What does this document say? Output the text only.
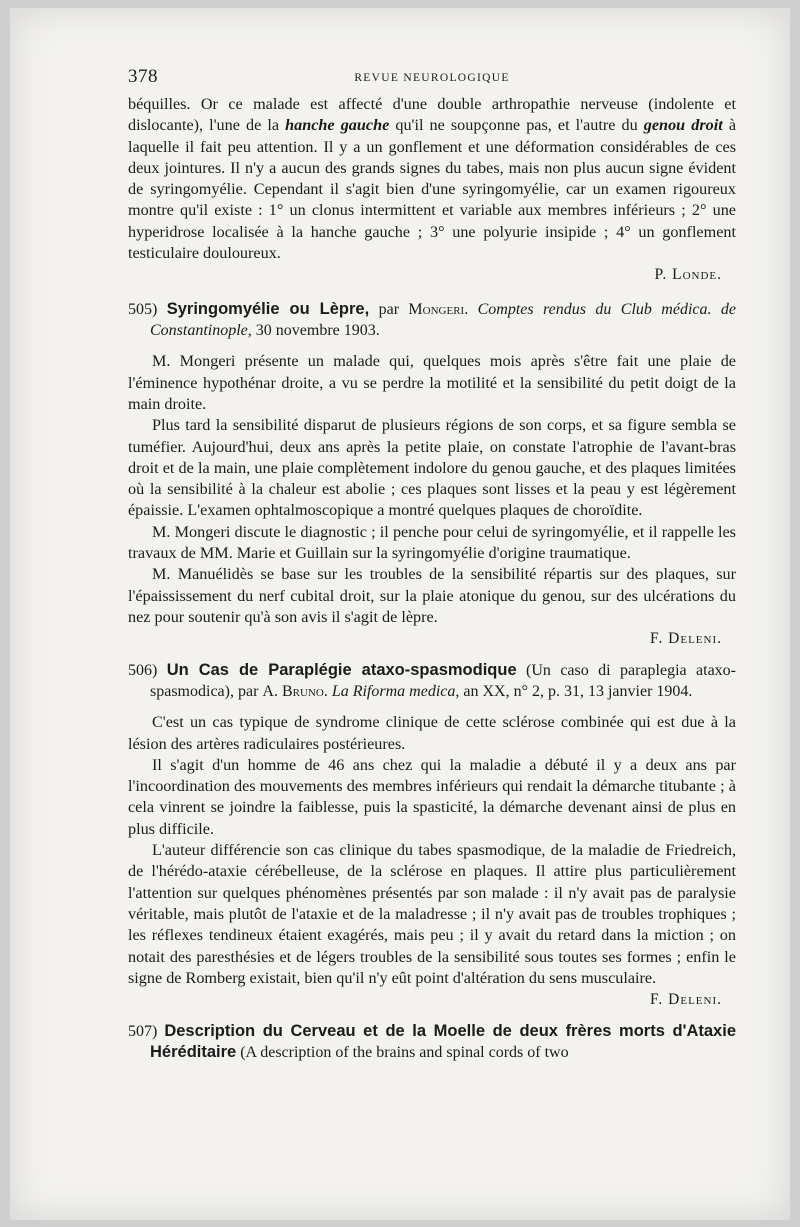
378	REVUE NEUROLOGIQUE

béquilles. Or ce malade est affecté d'une double arthropathie nerveuse (indolente et dislocante), l'une de la hanche gauche qu'il ne soupçonne pas, et l'autre du genou droit à laquelle il fait peu attention. Il y a un gonflement et une déformation considérables de ces deux jointures. Il n'y a aucun des grands signes du tabes, mais non plus aucun signe évident de syringomyélie. Cependant il s'agit bien d'une syringomyélie, car un examen rigoureux montre qu'il existe : 1° un clonus intermittent et variable aux membres inférieurs ; 2° une hyperidrose localisée à la hanche gauche ; 3° une polyurie insipide ; 4° un gonflement testiculaire douloureux.

P. Londe.

505) Syringomyélie ou Lèpre, par Mongeri. Comptes rendus du Club médica. de Constantinople, 30 novembre 1903.

M. Mongeri présente un malade qui, quelques mois après s'être fait une plaie de l'éminence hypothénar droite, a vu se perdre la motilité et la sensibilité du petit doigt de la main droite.

Plus tard la sensibilité disparut de plusieurs régions de son corps, et sa figure sembla se tuméfier. Aujourd'hui, deux ans après la petite plaie, on constate l'atrophie de l'avant-bras droit et de la main, une plaie complètement indolore du genou gauche, et des plaques limitées où la sensibilité à la chaleur est abolie ; ces plaques sont lisses et la peau y est légèrement épaissie. L'examen ophtalmoscopique a montré quelques plaques de choroïdite.

M. Mongeri discute le diagnostic ; il penche pour celui de syringomyélie, et il rappelle les travaux de MM. Marie et Guillain sur la syringomyélie d'origine traumatique.

M. Manuélidès se base sur les troubles de la sensibilité répartis sur des plaques, sur l'épaississement du nerf cubital droit, sur la plaie atonique du genou, sur des ulcérations du nez pour soutenir qu'à son avis il s'agit de lèpre.

F. Deleni.

506) Un Cas de Paraplégie ataxo-spasmodique (Un caso di paraplegia ataxo-spasmodica), par A. Bruno. La Riforma medica, an XX, n° 2, p. 31, 13 janvier 1904.

C'est un cas typique de syndrome clinique de cette sclérose combinée qui est due à la lésion des artères radiculaires postérieures.

Il s'agit d'un homme de 46 ans chez qui la maladie a débuté il y a deux ans par l'incoordination des mouvements des membres inférieurs qui rendait la démarche titubante ; à cela vinrent se joindre la faiblesse, puis la spasticité, la démarche devenant ainsi de plus en plus difficile.

L'auteur différencie son cas clinique du tabes spasmodique, de la maladie de Friedreich, de l'hérédo-ataxie cérébelleuse, de la sclérose en plaques. Il attire plus particulièrement l'attention sur quelques phénomènes présentés par son malade : il n'y avait pas de paralysie véritable, mais plutôt de l'ataxie et de la maladresse ; il n'y avait pas de troubles trophiques ; les réflexes tendineux étaient exagérés, mais peu ; il y avait du retard dans la miction ; on notait des paresthésies et de légers troubles de la sensibilité sous toutes ses formes ; enfin le signe de Romberg existait, bien qu'il n'y eût point d'altération du sens musculaire.

F. Deleni.

507) Description du Cerveau et de la Moelle de deux frères morts d'Ataxie Héréditaire (A description of the brains and spinal cords of two
